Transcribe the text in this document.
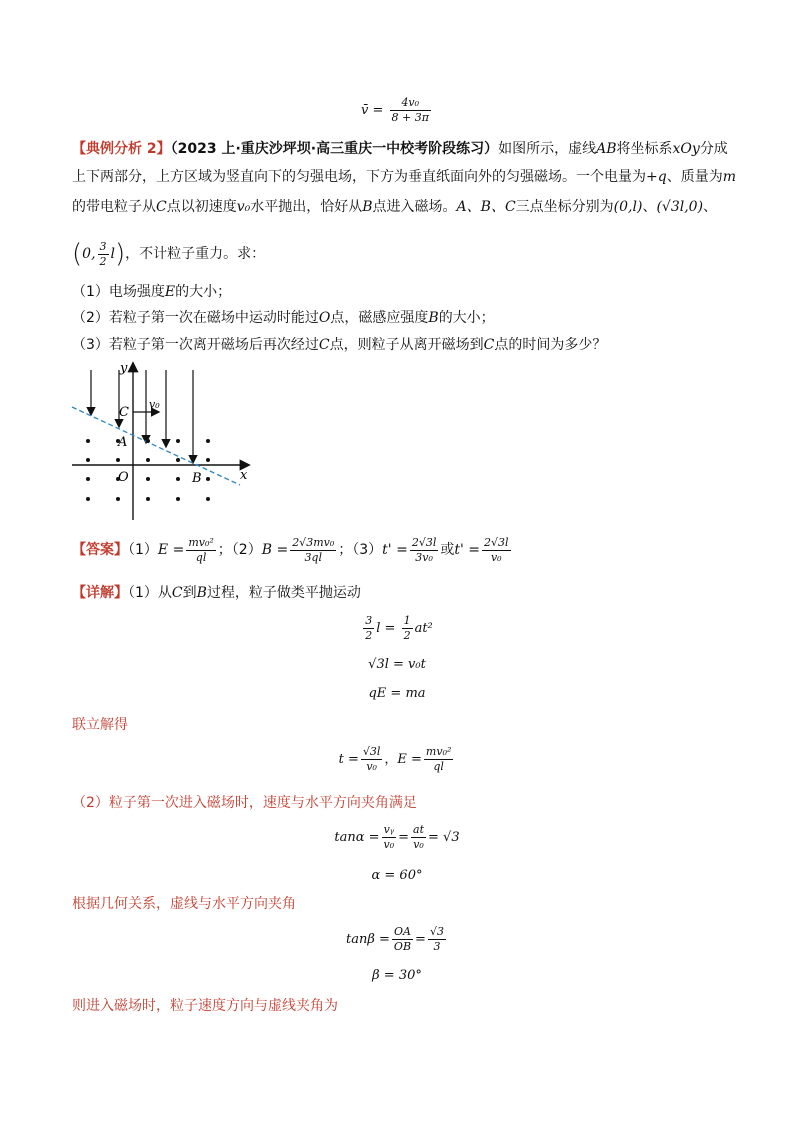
v̄ = $\frac{\text{4v₀}}{8 + 3\pi}$
【典例分析 2】（2023 上·重庆沙坪坝·高三重庆一中校考阶段练习）如图所示，虚线AB将坐标系xOy分成
上下两部分，上方区域为竖直向下的匀强电场，下方为垂直纸面向外的匀强磁场。一个电量为+q、质量为m
的带电粒子从C点以初速度v₀水平抛出，恰好从B点进入磁场。A、B、C三点坐标分别为(0,l)、(√3l,0)、
(0, $\frac{3}{2} l$)，不计粒子重力。求：
（1）电场强度E的大小；
（2）若粒子第一次在磁场中运动时能过O点，磁感应强度B的大小；
（3）若粒子第一次离开磁场后再次经过C点，则粒子从离开磁场到C点的时间为多少？
y
x
O
A
B
C
v₀
【答案】$(1)E = \frac{\text{mv₀²}}{ql}$ ；$(2)B = \frac{\text{2√3mv₀}}{3ql}$ ；$(3)t' = \frac{2√3l}{\text{3v₀}}$ 或$t' = \frac{2√3l}{\text{v₀}}$
【详解】（1）从C到B过程，粒子做类平抛运动
$\frac{3}{2}$ $l = \frac{1}{2} at^2$
√3l = v₀t
qE = ma
联立解得
$t = \frac{√3l}{\text{v₀}}$ ，$E = \frac{\text{mv₀²}}{ql}$
（2）粒子第一次进入磁场时，速度与水平方向夹角满足
$\tan\alpha = \frac{\text{vᵧ}}{\text{v₀}} = \frac{at}{\text{v₀}} = √3$
α = 60°
根据几何关系，虚线与水平方向夹角
$\tan\beta = \frac{OA}{OB} = \frac{√3}{3}$
β = 30°
则进入磁场时，粒子速度方向与虚线夹角为
